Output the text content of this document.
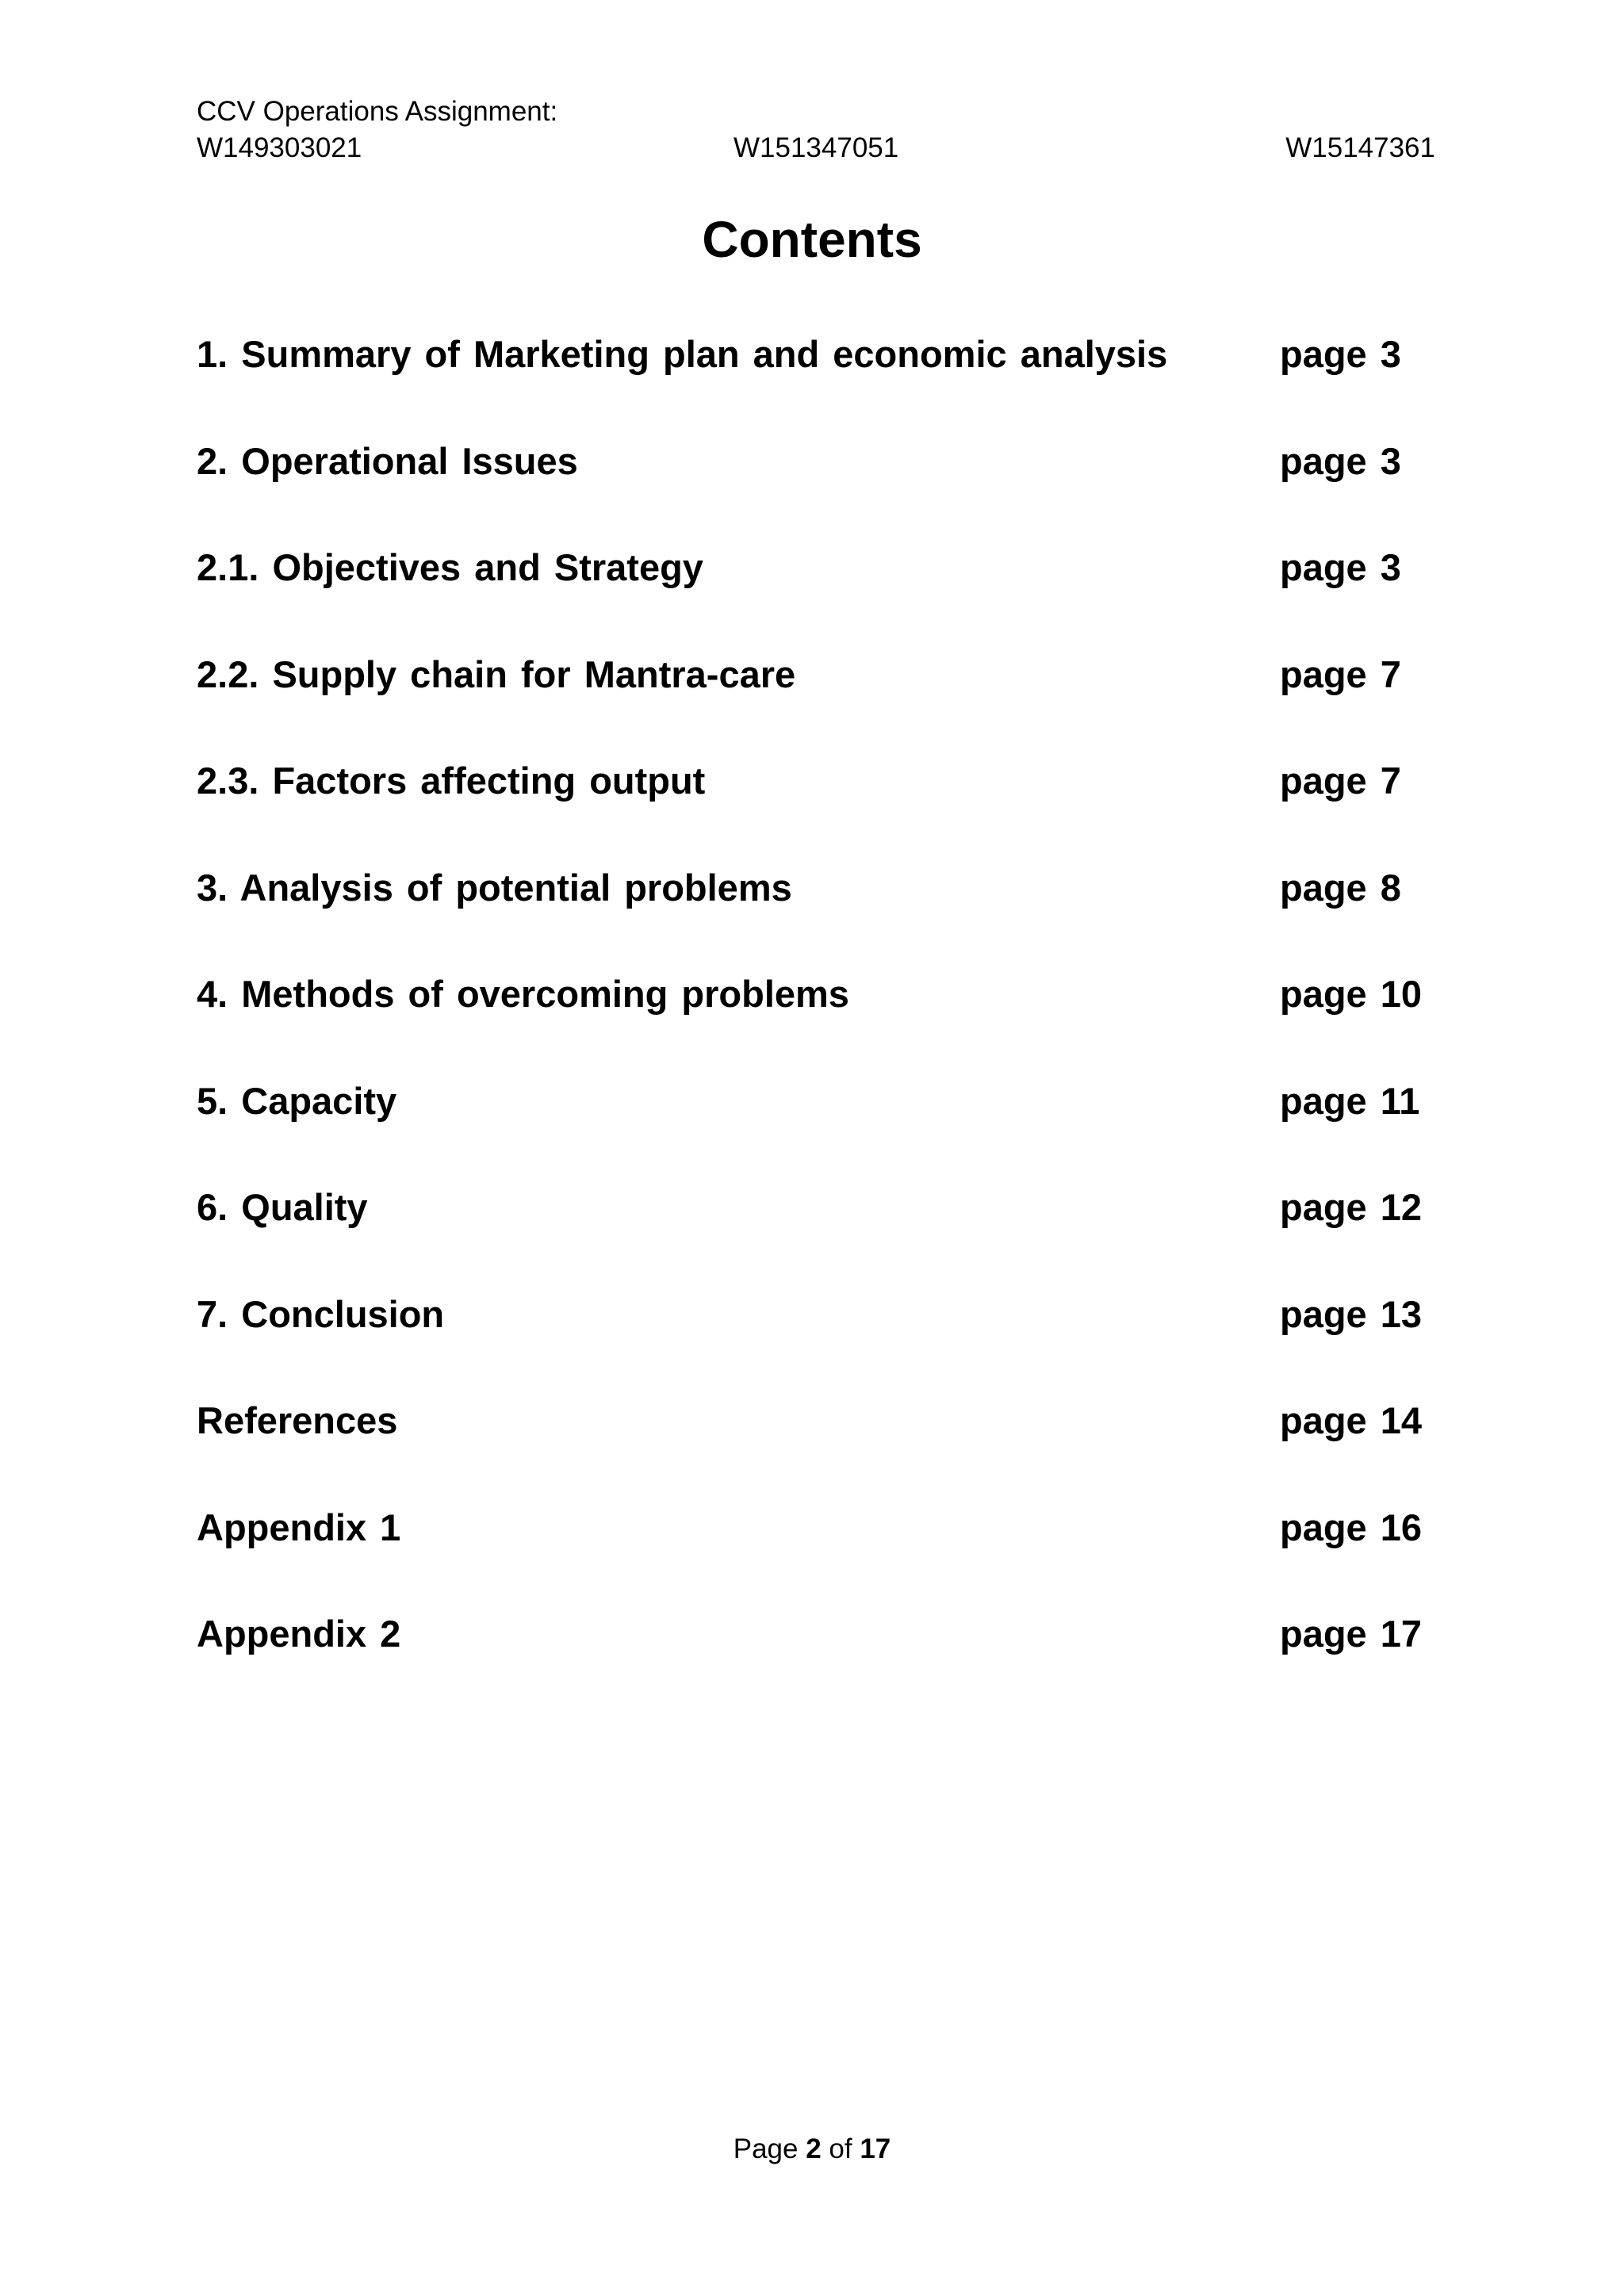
CCV Operations Assignment:
W149303021	W151347051	W15147361
Contents
1. Summary of Marketing plan and economic analysis	page 3
2. Operational Issues	page 3
2.1. Objectives and Strategy	page 3
2.2. Supply chain for Mantra-care	page 7
2.3. Factors affecting output	page 7
3. Analysis of potential problems	page 8
4. Methods of overcoming problems	page 10
5. Capacity	page 11
6. Quality	page 12
7. Conclusion	page 13
References	page 14
Appendix 1	page 16
Appendix 2	page 17
Page 2 of 17
